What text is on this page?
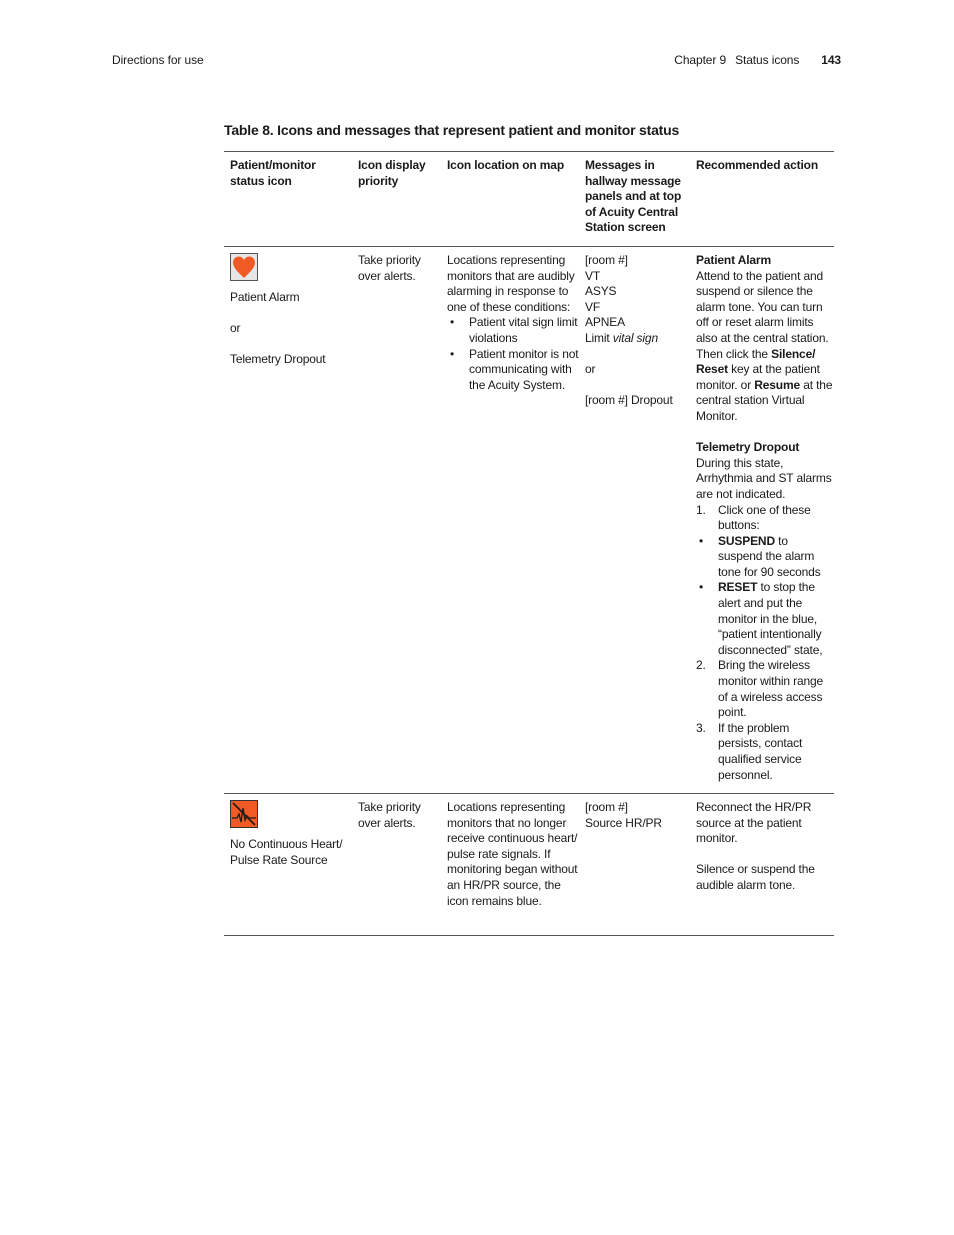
Directions for use	Chapter 9 Status icons 143
Table 8. Icons and messages that represent patient and monitor status
Patient/monitor status icon
Icon display priority
Icon location on map	Messages in hallway message panels and at top of Acuity Central Station screen
Recommended action

Patient Alarm

or

Telemetry Dropout

Take priority over alerts.

Locations representing monitors that are audibly alarming in response to one of these conditions:

• Patient vital sign limit violations
• Patient monitor is not communicating with the Acuity System.

[room #]

VT

ASYS

VF

APNEA

Limit vital sign

or

[room #] Dropout

Patient Alarm

Attend to the patient and suspend or silence the alarm tone. You can turn off or reset alarm limits also at the central station. Then click the Silence/ Reset key at the patient monitor. or Resume at the central station Virtual Monitor.

Telemetry Dropout

During this state, Arrhythmia and ST alarms are not indicated.

1. Click one of these buttons:
• SUSPEND to suspend the alarm tone for 90 seconds
• RESET to stop the alert and put the monitor in the blue, “patient intentionally disconnected” state,
2. Bring the wireless monitor within range of a wireless access point.
3. If the problem persists, contact qualified service personnel.

No Continuous Heart/ Pulse Rate Source

Take priority over alerts.
Locations representing monitors that no longer receive continuous heart/ pulse rate signals. If monitoring began without an HR/PR source, the icon remains blue.

[room #]

Source HR/PR

Reconnect the HR/PR source at the patient monitor.

Silence or suspend the audible alarm tone.
